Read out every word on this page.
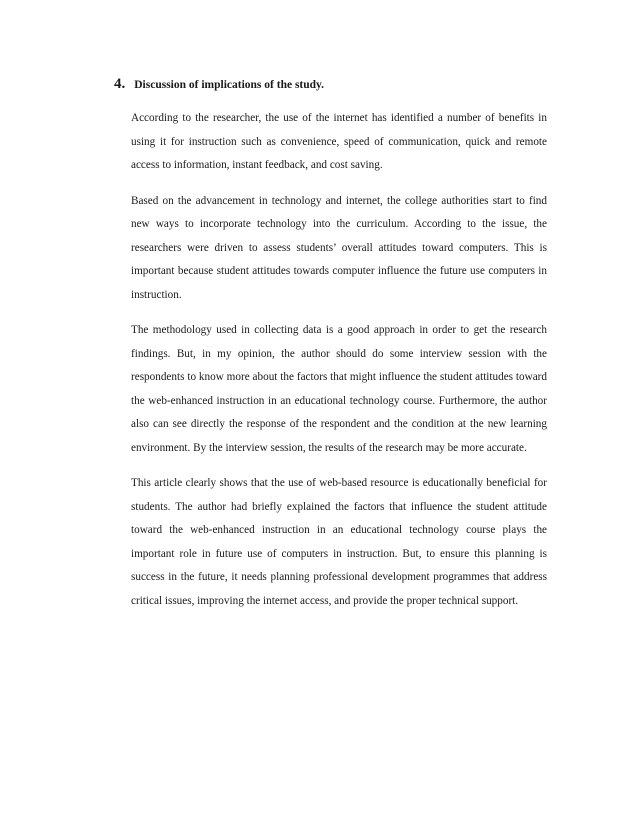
4. Discussion of implications of the study.

According to the researcher, the use of the internet has identified a number of benefits in using it for instruction such as convenience, speed of communication, quick and remote access to information, instant feedback, and cost saving.

Based on the advancement in technology and internet, the college authorities start to find new ways to incorporate technology into the curriculum. According to the issue, the researchers were driven to assess students’ overall attitudes toward computers. This is important because student attitudes towards computer influence the future use computers in instruction.

The methodology used in collecting data is a good approach in order to get the research findings. But, in my opinion, the author should do some interview session with the respondents to know more about the factors that might influence the student attitudes toward the web-enhanced instruction in an educational technology course. Furthermore, the author also can see directly the response of the respondent and the condition at the new learning environment. By the interview session, the results of the research may be more accurate.

This article clearly shows that the use of web-based resource is educationally beneficial for students. The author had briefly explained the factors that influence the student attitude toward the web-enhanced instruction in an educational technology course plays the important role in future use of computers in instruction. But, to ensure this planning is success in the future, it needs planning professional development programmes that address critical issues, improving the internet access, and provide the proper technical support.
